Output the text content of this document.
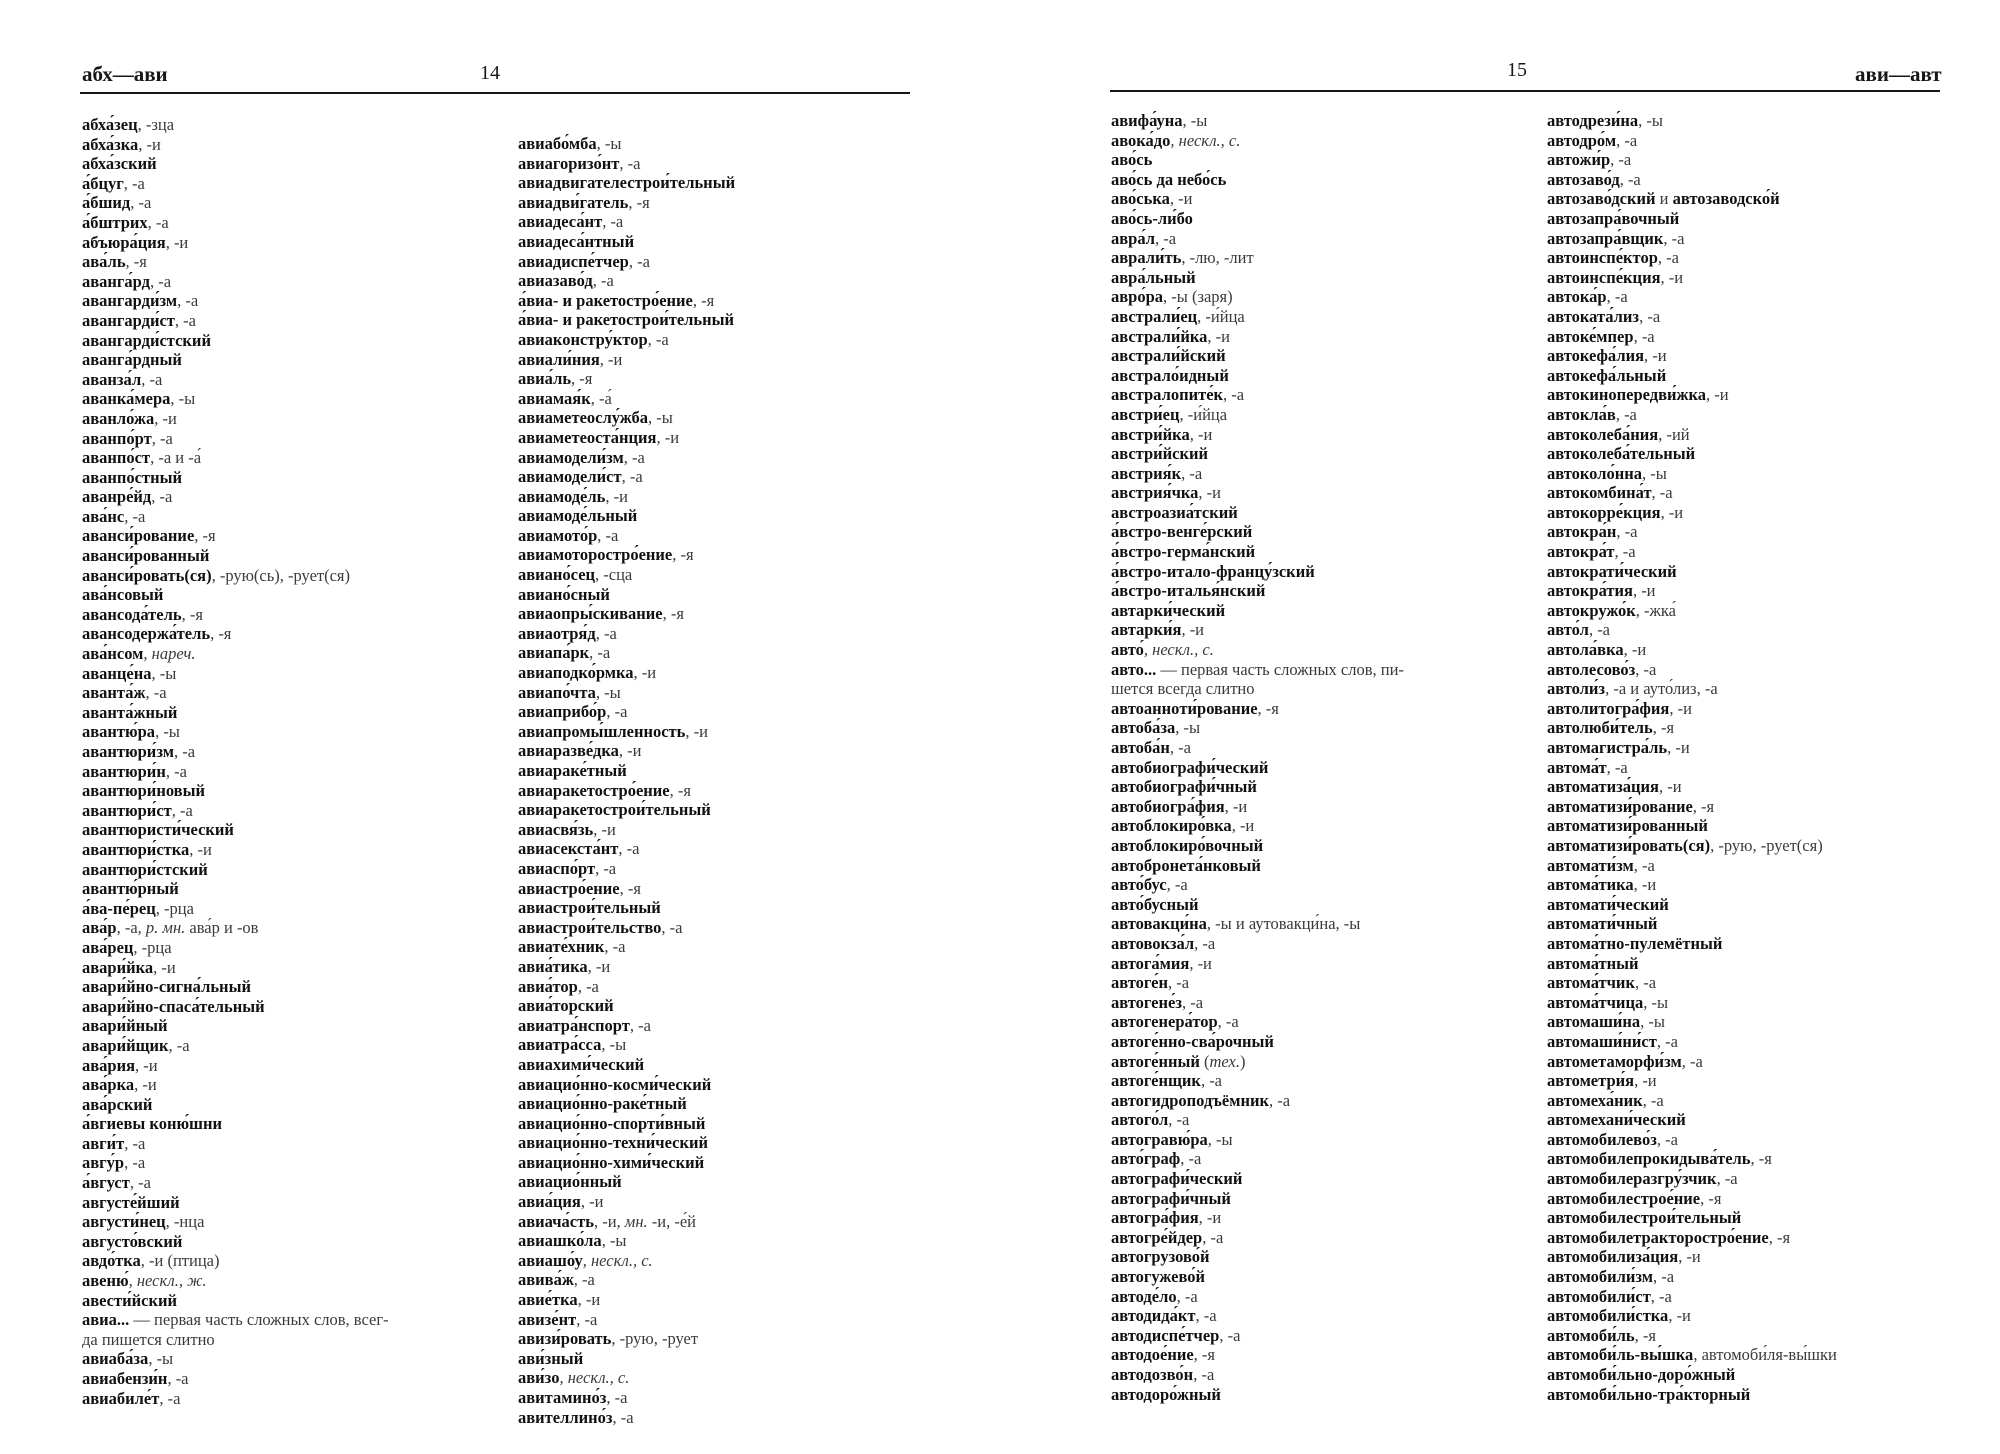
абх—ави	14
абха́зец, -зца
абха́зка, -и
абха́зский
а́бцуг, -а
а́бшид, -а
а́бштрих, -а
абъюра́ция, -и
ава́ль, -я
аванга́рд, -а
авангарди́зм, -а
авангарди́ст, -а
авангарди́стский
аванга́рдный
аванза́л, -а
аванка́мера, -ы
аванло́жа, -и
аванпо́рт, -а
аванпо́ст, -а и -а́
аванпо́стный
аванре́йд, -а
ава́нс, -а
аванси́рование, -я
аванси́рованный
аванси́ровать(ся), -рую(сь), -рует(ся)
ава́нсовый
авансода́тель, -я
авансодержа́тель, -я
ава́нсом, нареч.
аванце́на, -ы
аванта́ж, -а
аванта́жный
авантю́ра, -ы
авантюри́зм, -а
авантюри́н, -а
авантюри́новый
авантюри́ст, -а
авантюристи́ческий
авантюри́стка, -и
авантюри́стский
авантю́рный
а́ва-пе́рец, -рца
ава́р, -а, р. мн. ава́р и -ов
ава́рец, -рца
авари́йка, -и
авари́йно-сигна́льный
авари́йно-спаса́тельный
авари́йный
авари́йщик, -а
ава́рия, -и
ава́рка, -и
ава́рский
а́вгиевы коню́шни
авги́т, -а
авгу́р, -а
а́вгуст, -а
августе́йший
августи́нец, -нца
августо́вский
авдо́тка, -и (птица)
авеню́, нескл., ж.
авести́йский
авиа... — первая часть сложных слов, всег-
да пишется слитно
авиаба́за, -ы
авиабензи́н, -а
авиабиле́т, -а
авиабо́мба, -ы
авиагоризо́нт, -а
авиадвигателестрои́тельный
авиадви́гатель, -я
авиадеса́нт, -а
авиадеса́нтный
авиадиспе́тчер, -а
авиазаво́д, -а
а́виа- и ракетостро́ение, -я
а́виа- и ракетострои́тельный
авиаконстру́ктор, -а
авиали́ния, -и
авиа́ль, -я
авиамая́к, -а́
авиаметеослу́жба, -ы
авиаметеоста́нция, -и
авиамодели́зм, -а
авиамодели́ст, -а
авиамоде́ль, -и
авиамоде́льный
авиамото́р, -а
авиамоторостро́ение, -я
авиано́сец, -сца
авиано́сный
авиаопры́скивание, -я
авиаотря́д, -а
авиапа́рк, -а
авиаподко́рмка, -и
авиапо́чта, -ы
авиаприбо́р, -а
авиапромы́шленность, -и
авиаразве́дка, -и
авиараке́тный
авиаракетостро́ение, -я
авиаракетострои́тельный
авиасвя́зь, -и
авиасекста́нт, -а
авиаспо́рт, -а
авиастро́ение, -я
авиастрои́тельный
авиастрои́тельство, -а
авиате́хник, -а
авиа́тика, -и
авиа́тор, -а
авиа́торский
авиатра́нспорт, -а
авиатра́сса, -ы
авиахими́ческий
авиацио́нно-косми́ческий
авиацио́нно-раке́тный
авиацио́нно-спорти́вный
авиацио́нно-техни́ческий
авиацио́нно-хими́ческий
авиацио́нный
авиа́ция, -и
авиача́сть, -и, мн. -и, -е́й
авиашко́ла, -ы
авиашо́у, нескл., с.
авива́ж, -а
авие́тка, -и
авизе́нт, -а
авизи́ровать, -рую, -рует
ави́зный
ави́зо, нескл., с.
авитамино́з, -а
авителлино́з, -а
15	ави—авт
авифа́уна, -ы
авока́до, нескл., с.
аво́сь
аво́сь да небо́сь
аво́ська, -и
аво́сь-ли́бо
авра́л, -а
аврали́ть, -лю, -лит
авра́льный
авро́ра, -ы (заря)
австрали́ец, -и́йца
австрали́йка, -и
австрали́йский
австрало́идный
австралопите́к, -а
австри́ец, -и́йца
австри́йка, -и
австри́йский
австрия́к, -а
австрия́чка, -и
австроазиа́тский
а́встро-венге́рский
а́встро-герма́нский
а́встро-итало-францу́зский
а́встро-италья́нский
автарки́ческий
автарки́я, -и
авто́, нескл., с.
авто... — первая часть сложных слов, пи-
шется всегда слитно
автоаннoти́рование, -я
автоба́за, -ы
автоба́н, -а
автобиографи́ческий
автобиографи́чный
автобиогра́фия, -и
автоблокиро́вка, -и
автоблокиро́вочный
автобронета́нковый
авто́бус, -а
авто́бусный
автовакци́на, -ы и аутовакци́на, -ы
автовокза́л, -а
автога́мия, -и
автоге́н, -а
автогене́з, -а
автогенера́тор, -а
автоге́нно-сва́рочный
автоге́нный (тех.)
автоге́нщик, -а
автогидроподъёмник, -а
автого́л, -а
автогравю́ра, -ы
авто́граф, -а
автографи́ческий
автографи́чный
автогра́фия, -и
автогре́йдер, -а
автогрузово́й
автогужево́й
автоде́ло, -а
автодида́кт, -а
автодиспе́тчер, -а
автодое́ние, -я
автодозво́н, -а
автодоро́жный
автодрези́на, -ы
автодро́м, -а
автожи́р, -а
автозаво́д, -а
автозаво́дский и автозаводско́й
автозапра́вочный
автозапра́вщик, -а
автоинспе́ктор, -а
автоинспе́кция, -и
автока́р, -а
автоката́лиз, -а
автоке́мпер, -а
автокефа́лия, -и
автокефа́льный
автокинопередви́жка, -и
автокла́в, -а
автоколеба́ния, -ий
автоколеба́тельный
автоколо́нна, -ы
автокомбина́т, -а
автокорре́кция, -и
автокра́н, -а
автокра́т, -а
автократи́ческий
автокра́тия, -и
автокружо́к, -жка́
авто́л, -а
автола́вка, -и
автолесово́з, -а
автоли́з, -а и ауто́лиз, -а
автолитогра́фия, -и
автолюби́тель, -я
автомагистра́ль, -и
автома́т, -а
автоматиза́ция, -и
автоматизи́рование, -я
автоматизи́рованный
автоматизи́ровать(ся), -рую, -рует(ся)
автомати́зм, -а
автома́тика, -и
автомати́ческий
автомати́чный
автома́тно-пулемётный
автома́тный
автома́тчик, -а
автома́тчица, -ы
автомаши́на, -ы
автомаши́ни́ст, -а
автометаморфи́зм, -а
автометри́я, -и
автомеха́ник, -а
автомехани́ческий
автомобилево́з, -а
автомобилепрокидыва́тель, -я
автомобилеразгру́зчик, -а
автомобилестрое́ние, -я
автомобилестрои́тельный
автомобилетракторостро́ение, -я
автомобилиза́ция, -и
автомобили́зм, -а
автомобили́ст, -а
автомобили́стка, -и
автомоби́ль, -я
автомоби́ль-вы́шка, автомоби́ля-вы́шки
автомоби́льно-доро́жный
автомоби́льно-тра́кторный
